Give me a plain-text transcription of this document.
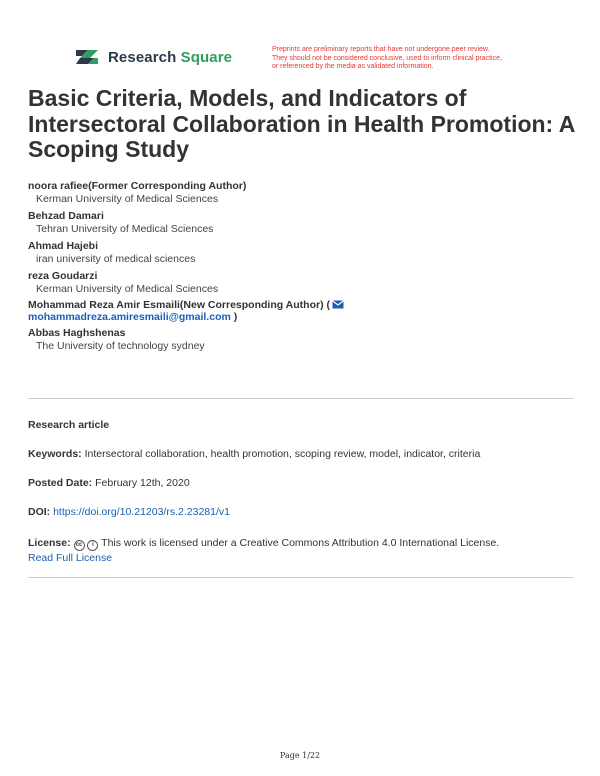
Research Square	Preprints are preliminary reports that have not undergone peer review.
They should not be considered conclusive, used to inform clinical practice,
or referenced by the media as validated information.
Basic Criteria, Models, and Indicators of Intersectoral Collaboration in Health Promotion: A Scoping Study
noora rafiee(Former Corresponding Author)
Kerman University of Medical Sciences
Behzad Damari
Tehran University of Medical Sciences
Ahmad Hajebi
iran university of medical sciences
reza Goudarzi
Kerman University of Medical Sciences
Mohammad Reza Amir Esmaili(New Corresponding Author) (
mohammadreza.amiresmaili@gmail.com )
Abbas Haghshenas
The University of technology sydney
Research article
Keywords: Intersectoral collaboration, health promotion, scoping review, model, indicator, criteria
Posted Date: February 12th, 2020
DOI: https://doi.org/10.21203/rs.2.23281/v1
License: cc i This work is licensed under a Creative Commons Attribution 4.0 International License.
Read Full License
Page 1/22
